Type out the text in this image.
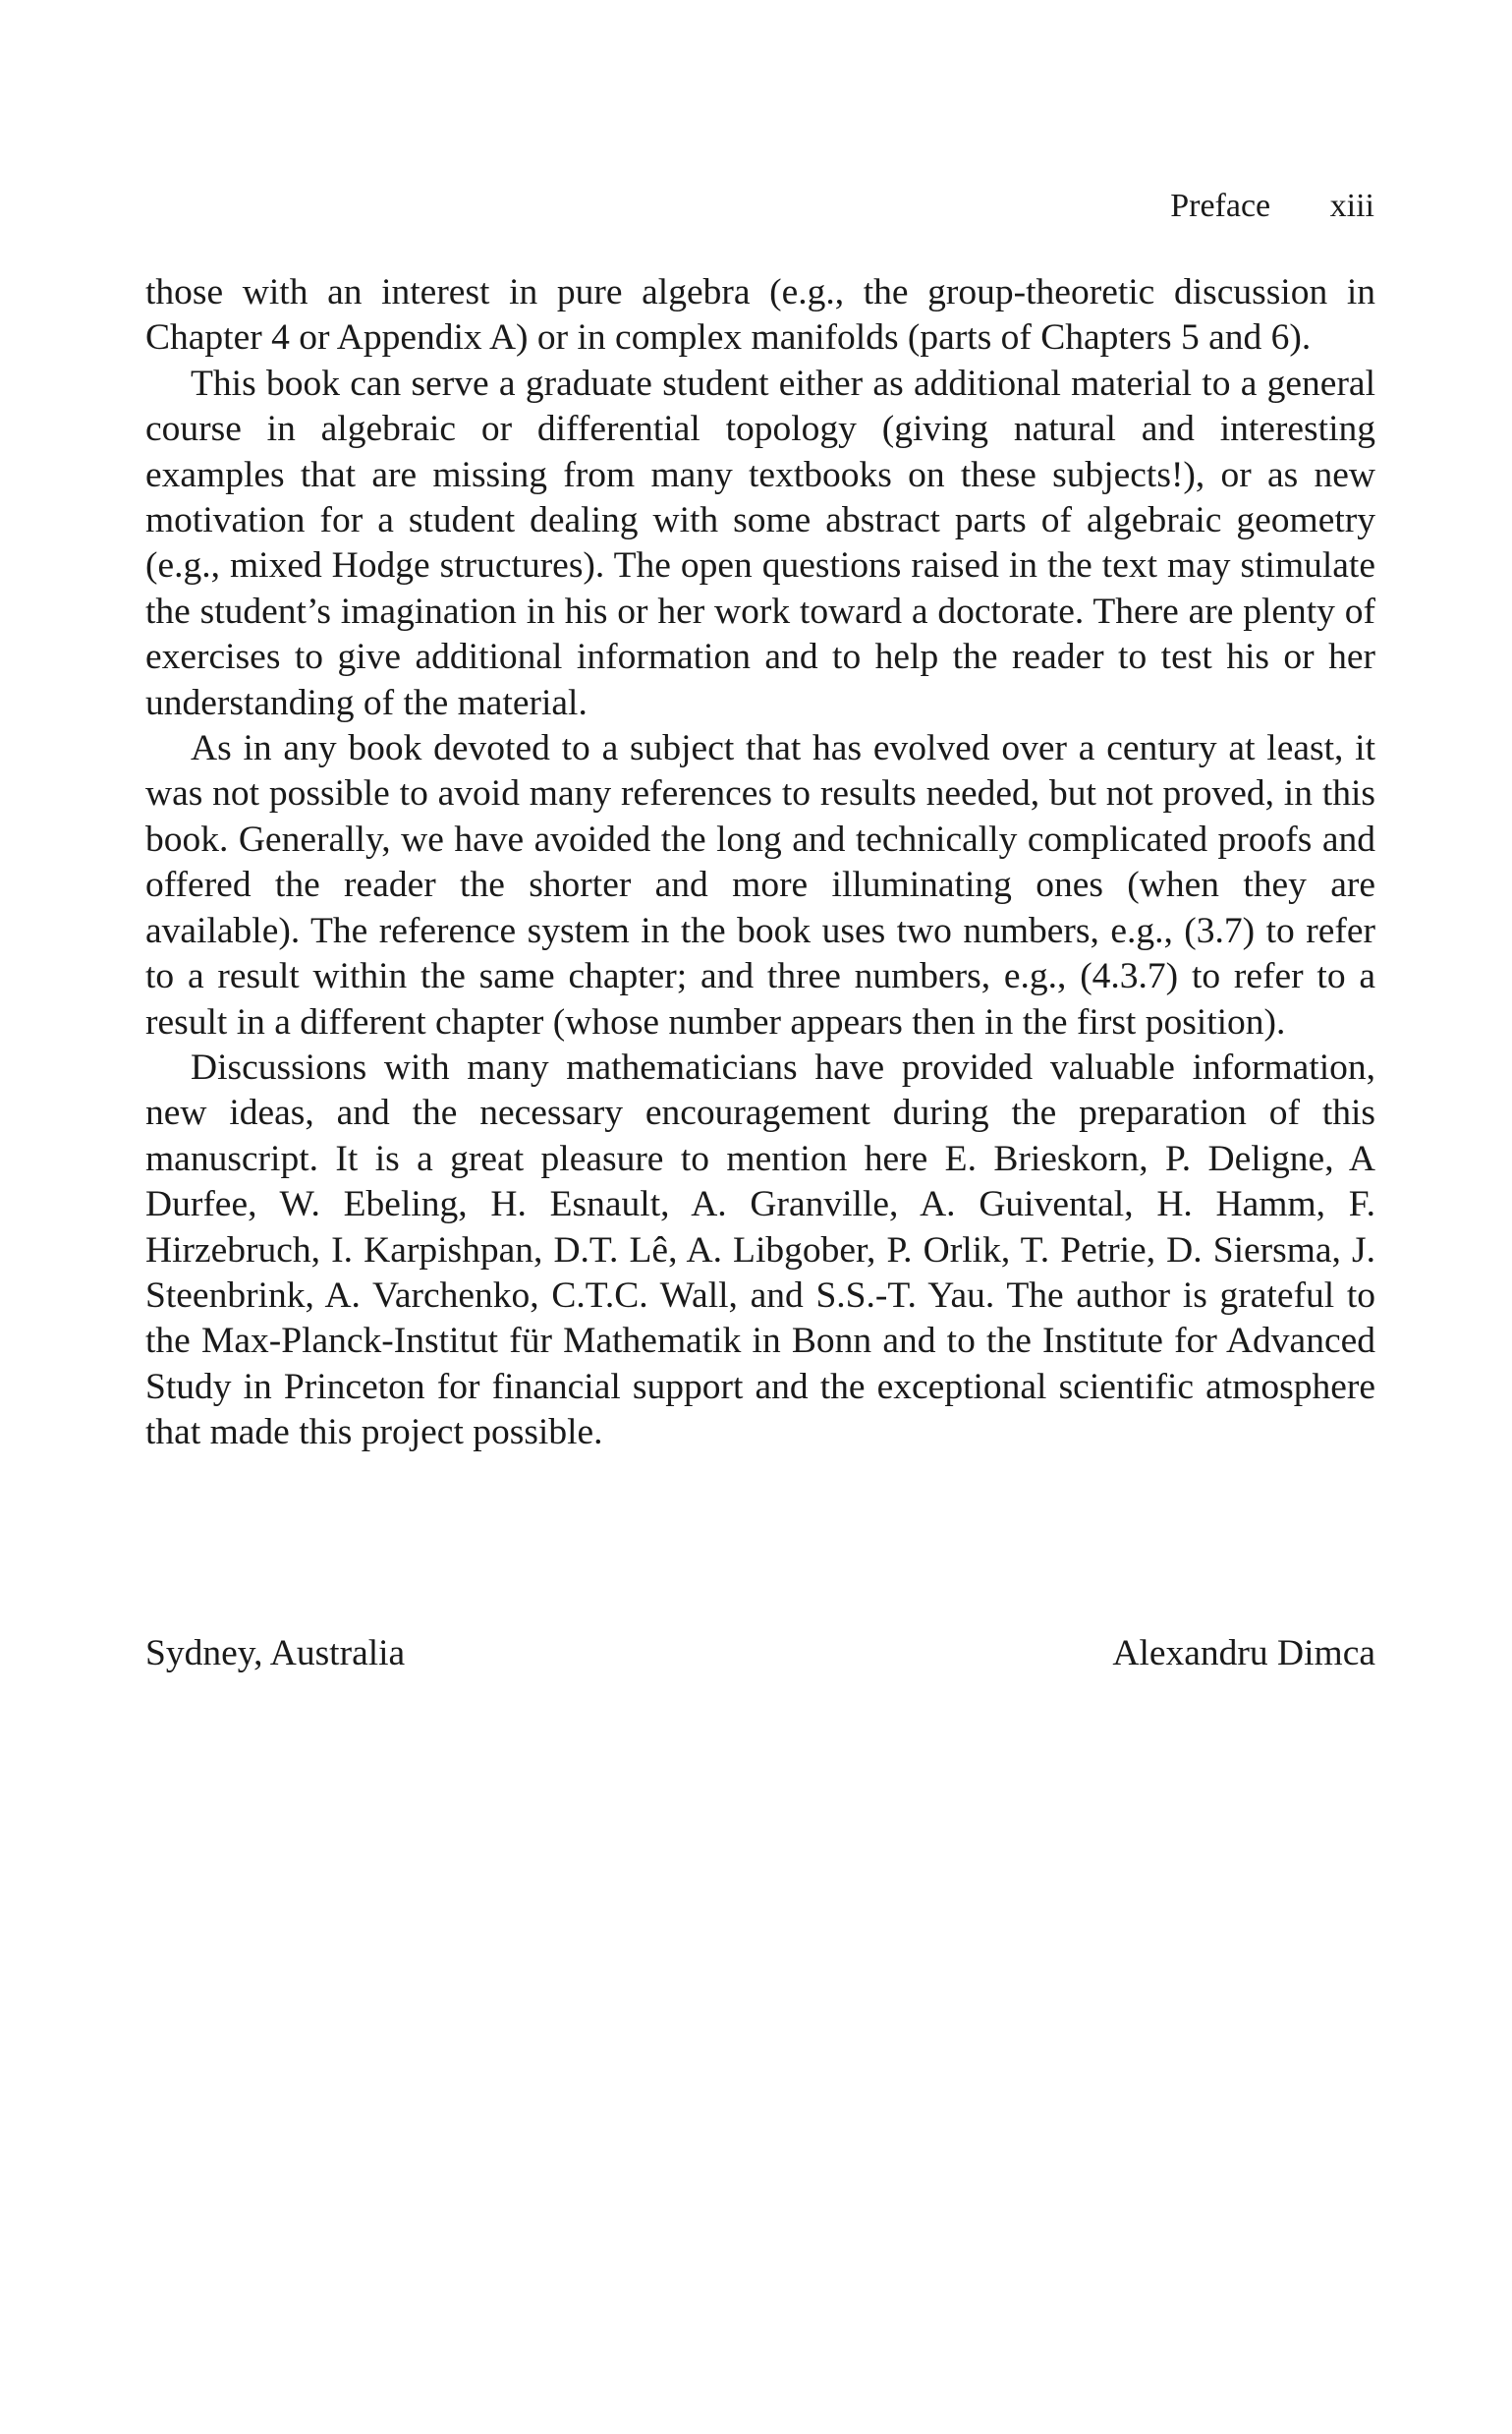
Preface xiii

those with an interest in pure algebra (e.g., the group-theoretic discussion in Chapter 4 or Appendix A) or in complex manifolds (parts of Chapters 5 and 6).

This book can serve a graduate student either as additional material to a general course in algebraic or differential topology (giving natural and interesting examples that are missing from many textbooks on these subjects!), or as new motivation for a student dealing with some abstract parts of algebraic geometry (e.g., mixed Hodge structures). The open questions raised in the text may stimulate the student’s imagination in his or her work toward a doctorate. There are plenty of exercises to give additional information and to help the reader to test his or her understanding of the material.

As in any book devoted to a subject that has evolved over a century at least, it was not possible to avoid many references to results needed, but not proved, in this book. Generally, we have avoided the long and technically complicated proofs and offered the reader the shorter and more illuminating ones (when they are available). The reference system in the book uses two numbers, e.g., (3.7) to refer to a result within the same chapter; and three numbers, e.g., (4.3.7) to refer to a result in a different chapter (whose number appears then in the first position).

Discussions with many mathematicians have provided valuable information, new ideas, and the necessary encouragement during the preparation of this manuscript. It is a great pleasure to mention here E. Brieskorn, P. Deligne, A Durfee, W. Ebeling, H. Esnault, A. Granville, A. Guivental, H. Hamm, F. Hirzebruch, I. Karpishpan, D.T. Lê, A. Libgober, P. Orlik, T. Petrie, D. Siersma, J. Steenbrink, A. Varchenko, C.T.C. Wall, and S.S.-T. Yau. The author is grateful to the Max-Planck-Institut für Mathematik in Bonn and to the Institute for Advanced Study in Princeton for financial support and the exceptional scientific atmosphere that made this project possible.

Sydney, Australia	Alexandru Dimca
